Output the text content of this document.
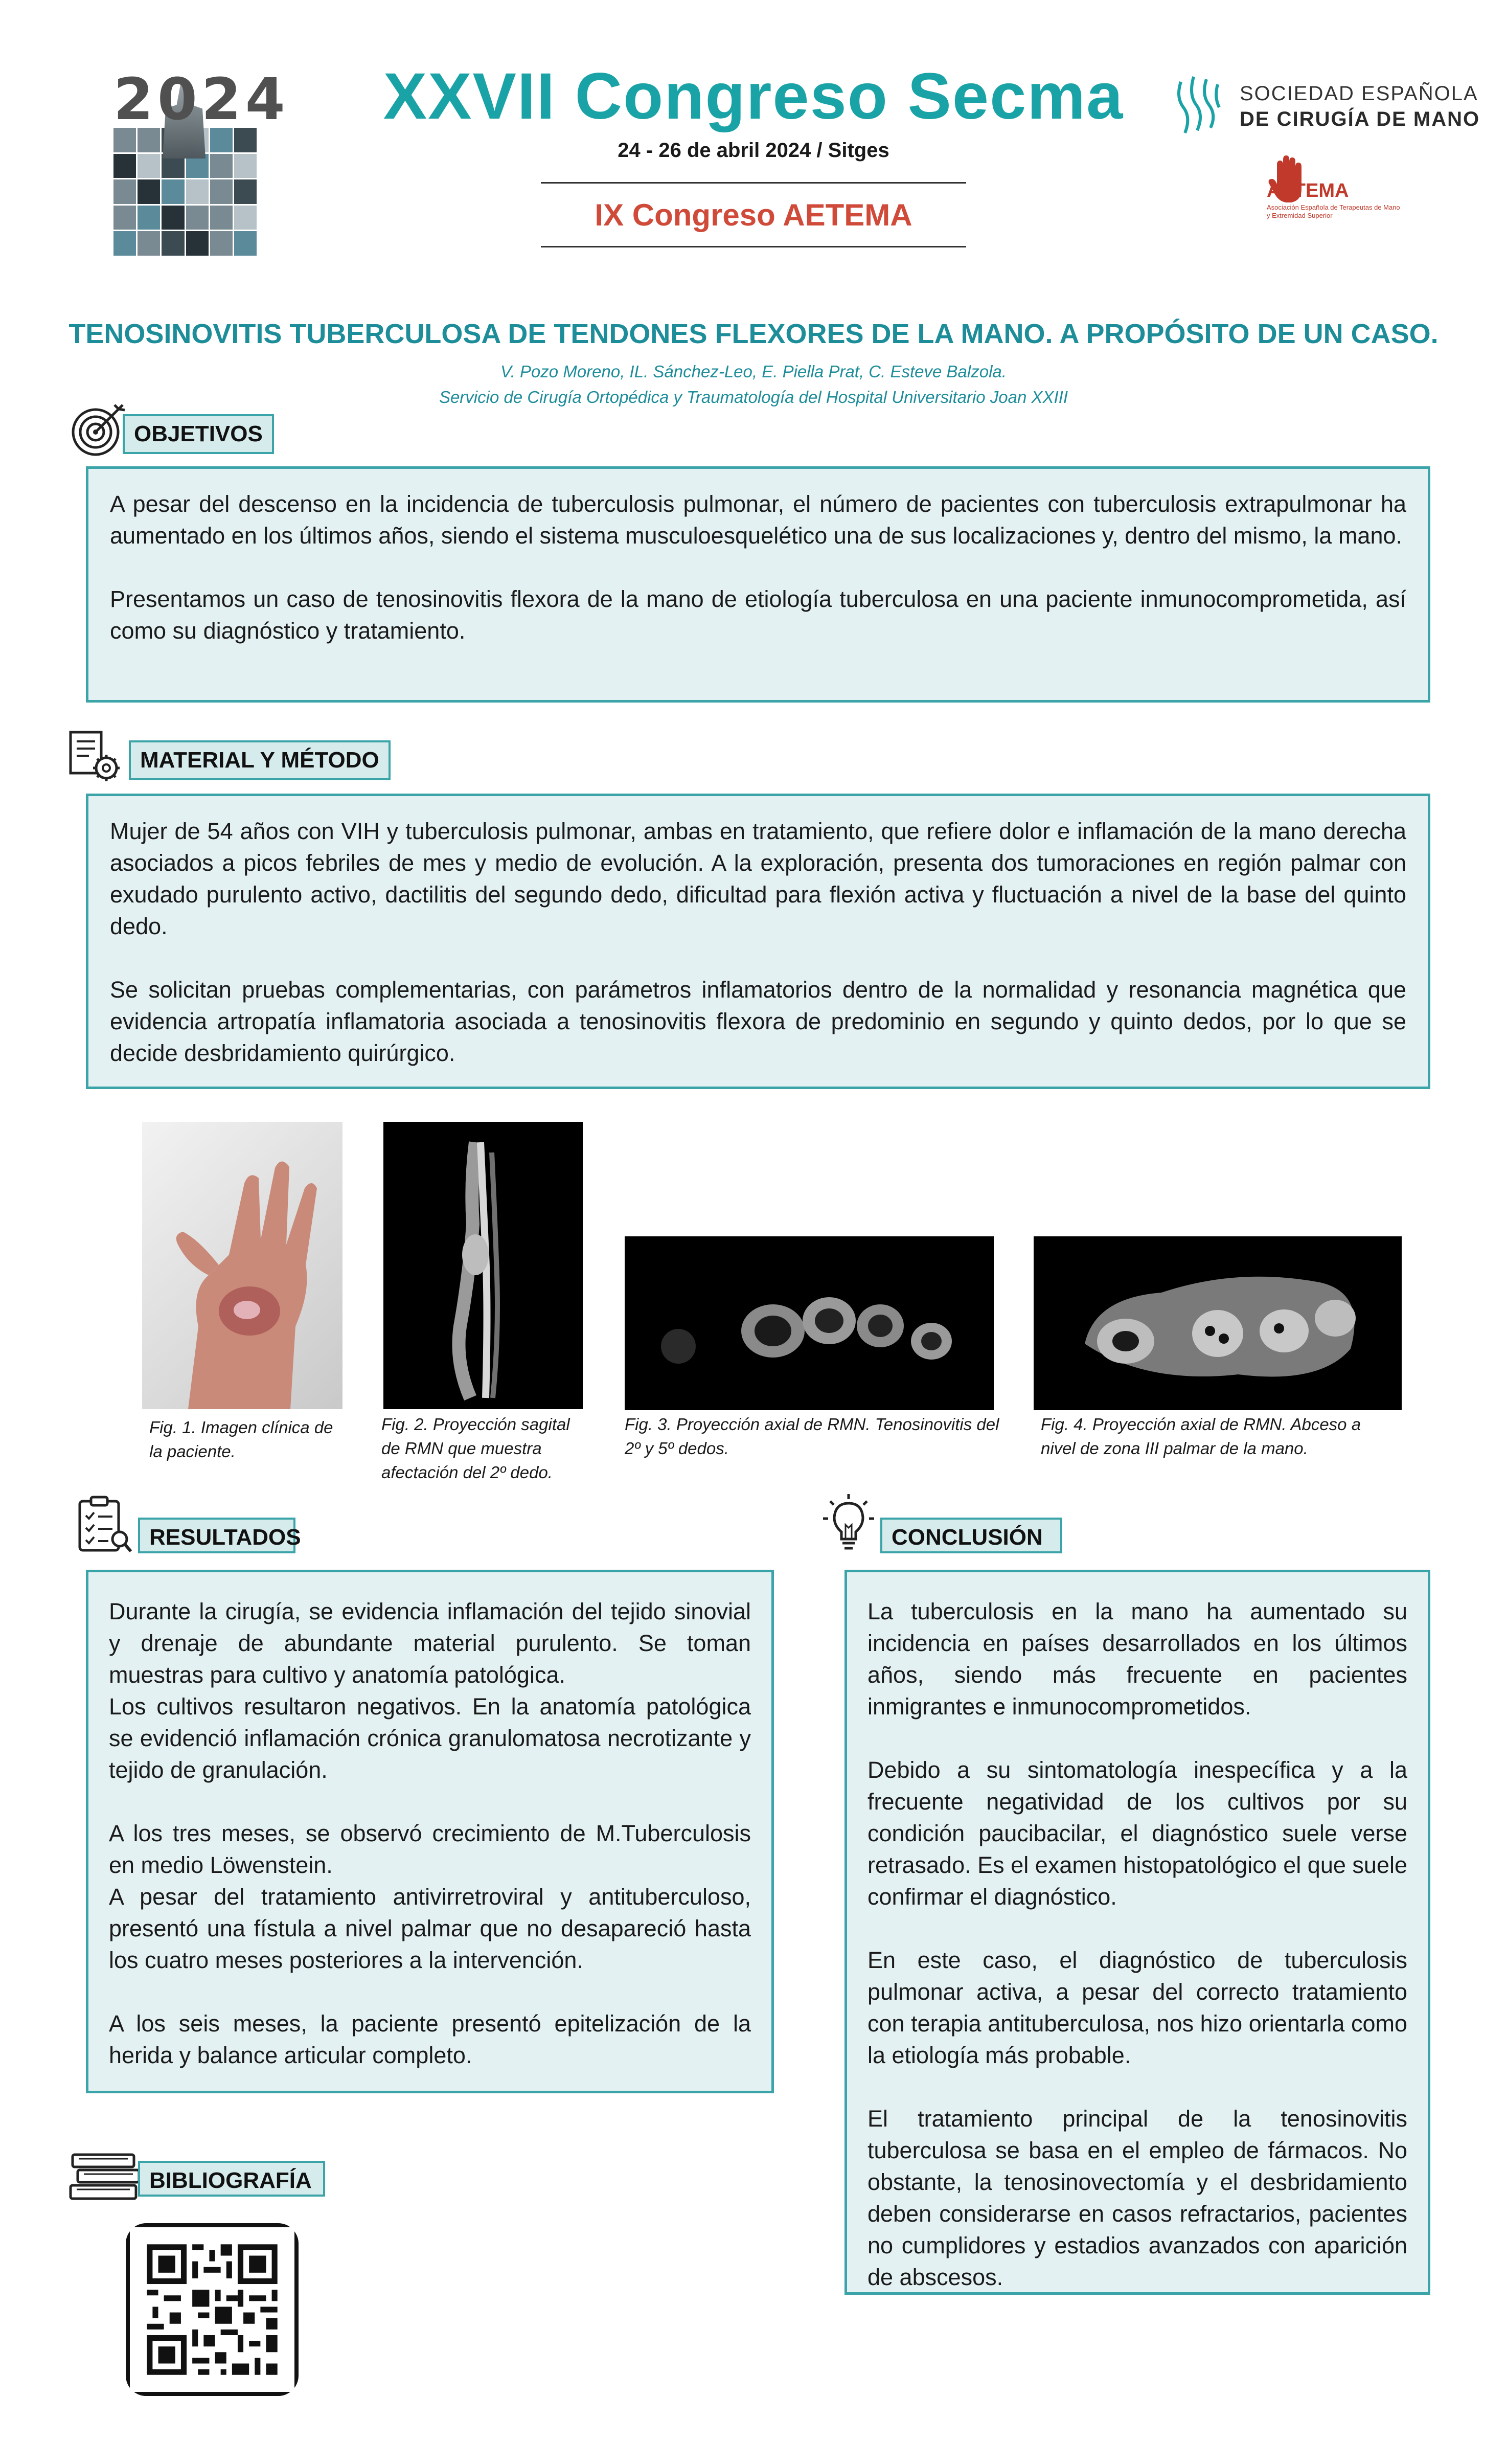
2024	XXVII Congreso Secma
24 - 26 de abril 2024 / Sitges
IX Congreso AETEMA
SOCIEDAD ESPAÑOLA
DE CIRUGÍA DE MANO
AETEMA
Asociación Española de Terapeutas de Mano y Extremidad Superior
TENOSINOVITIS TUBERCULOSA DE TENDONES FLEXORES DE LA MANO. A PROPÓSITO DE UN CASO.
V. Pozo Moreno, IL. Sánchez-Leo, E. Piella Prat, C. Esteve Balzola.
Servicio de Cirugía Ortopédica y Traumatología del Hospital Universitario Joan XXIII
OBJETIVOS

A pesar del descenso en la incidencia de tuberculosis pulmonar, el número de pacientes con tuberculosis extrapulmonar ha aumentado en los últimos años, siendo el sistema musculoesquelético una de sus localizaciones y, dentro del mismo, la mano.

Presentamos un caso de tenosinovitis flexora de la mano de etiología tuberculosa en una paciente inmunocomprometida, así como su diagnóstico y tratamiento.

MATERIAL Y MÉTODO

Mujer de 54 años con VIH y tuberculosis pulmonar, ambas en tratamiento, que refiere dolor e inflamación de la mano derecha asociados a picos febriles de mes y medio de evolución. A la exploración, presenta dos tumoraciones en región palmar con exudado purulento activo, dactilitis del segundo dedo, dificultad para flexión activa y fluctuación a nivel de la base del quinto dedo.

Se solicitan pruebas complementarias, con parámetros inflamatorios dentro de la normalidad y resonancia magnética que evidencia artropatía inflamatoria asociada a tenosinovitis flexora de predominio en segundo y quinto dedos, por lo que se decide desbridamiento quirúrgico.

Fig. 1. Imagen clínica de la paciente.
Fig. 2. Proyección sagital de RMN que muestra afectación del 2º dedo.
Fig. 3. Proyección axial de RMN. Tenosinovitis del 2º y 5º dedos.
Fig. 4. Proyección axial de RMN. Abceso a nivel de zona III palmar de la mano.
RESULTADOS

Durante la cirugía, se evidencia inflamación del tejido sinovial y drenaje de abundante material purulento. Se toman muestras para cultivo y anatomía patológica.

Los cultivos resultaron negativos. En la anatomía patológica se evidenció inflamación crónica granulomatosa necrotizante y tejido de granulación.

A los tres meses, se observó crecimiento de M.Tuberculosis en medio Löwenstein.

A pesar del tratamiento antivirretroviral y antituberculoso, presentó una fístula a nivel palmar que no desapareció hasta los cuatro meses posteriores a la intervención.

A los seis meses, la paciente presentó epitelización de la herida y balance articular completo.

CONCLUSIÓN

La tuberculosis en la mano ha aumentado su incidencia en países desarrollados en los últimos años, siendo más frecuente en pacientes inmigrantes e inmunocomprometidos.

Debido a su sintomatología inespecífica y a la frecuente negatividad de los cultivos por su condición paucibacilar, el diagnóstico suele verse retrasado. Es el examen histopatológico el que suele confirmar el diagnóstico.

En este caso, el diagnóstico de tuberculosis pulmonar activa, a pesar del correcto tratamiento con terapia antituberculosa, nos hizo orientarla como la etiología más probable.

El tratamiento principal de la tenosinovitis tuberculosa se basa en el empleo de fármacos. No obstante, la tenosinovectomía y el desbridamiento deben considerarse en casos refractarios, pacientes no cumplidores y estadios avanzados con aparición de abscesos.

BIBLIOGRAFÍA
